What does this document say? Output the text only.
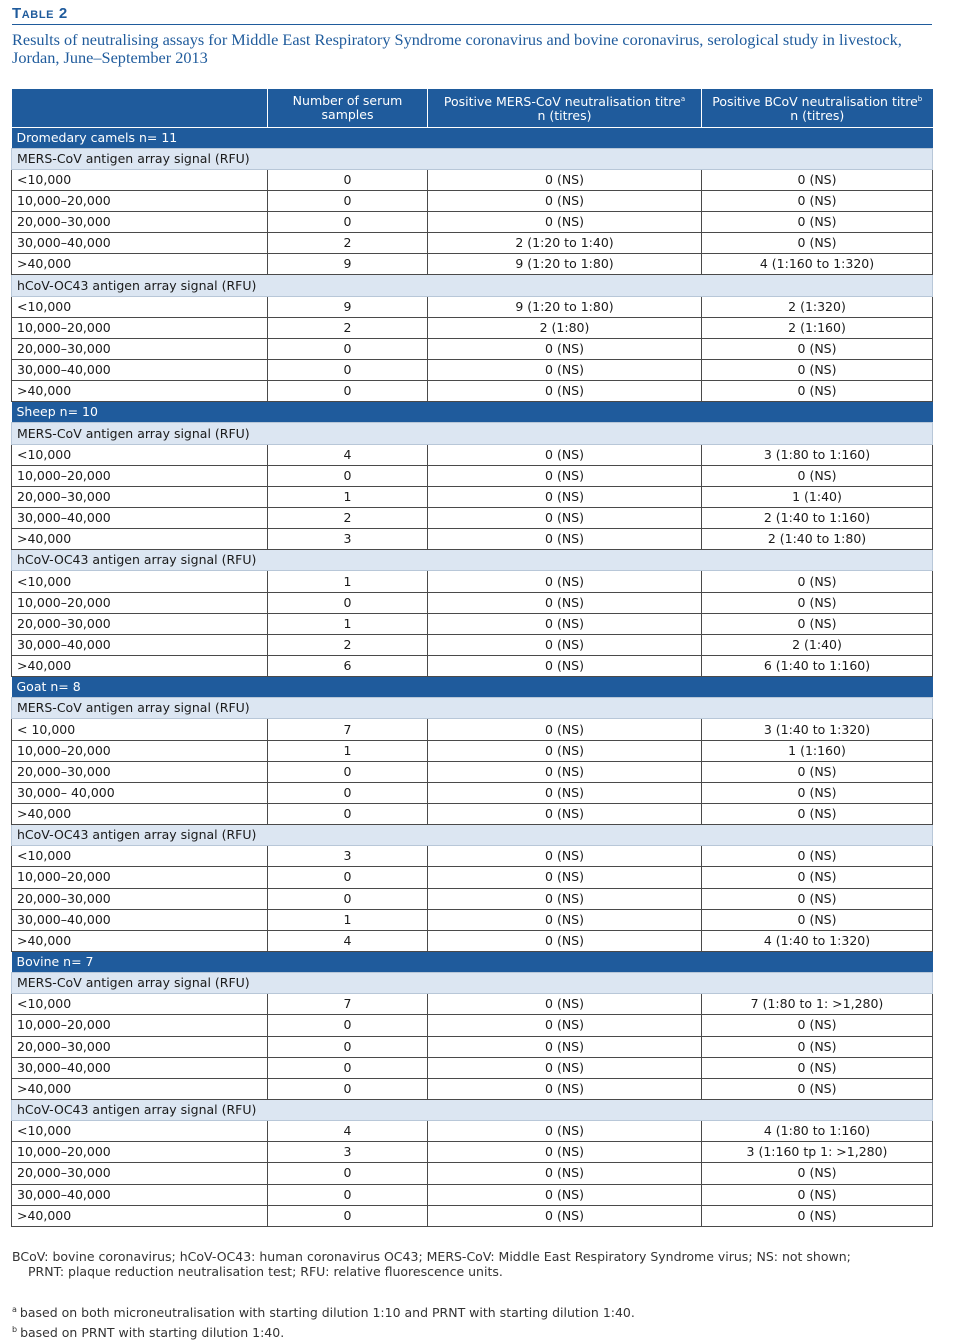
Table 2
Results of neutralising assays for Middle East Respiratory Syndrome coronavirus and bovine coronavirus, serological study in livestock, Jordan, June–September 2013
	Number of serum samples	Positive MERS-CoV neutralisation titre$^a$
n (titres)	Positive BCoV neutralisation titre$^b$
n (titres)
Dromedary camels n= 11			
MERS-CoV antigen array signal (RFU)			
<10,000	0	0 (NS)	0 (NS)
10,000–20,000	0	0 (NS)	0 (NS)
20,000–30,000	0	0 (NS)	0 (NS)
30,000–40,000	2	2 (1:20 to 1:40)	0 (NS)
>40,000	9	9 (1:20 to 1:80)	4 (1:160 to 1:320)
hCoV-OC43 antigen array signal (RFU)			
<10,000	9	9 (1:20 to 1:80)	2 (1:320)
10,000–20,000	2	2 (1:80)	2 (1:160)
20,000–30,000	0	0 (NS)	0 (NS)
30,000–40,000	0	0 (NS)	0 (NS)
>40,000	0	0 (NS)	0 (NS)
Sheep n= 10			
MERS-CoV antigen array signal (RFU)			
<10,000	4	0 (NS)	3 (1:80 to 1:160)
10,000–20,000	0	0 (NS)	0 (NS)
20,000–30,000	1	0 (NS)	1 (1:40)
30,000–40,000	2	0 (NS)	2 (1:40 to 1:160)
>40,000	3	0 (NS)	2 (1:40 to 1:80)
hCoV-OC43 antigen array signal (RFU)			
<10,000	1	0 (NS)	0 (NS)
10,000–20,000	0	0 (NS)	0 (NS)
20,000–30,000	1	0 (NS)	0 (NS)
30,000–40,000	2	0 (NS)	2 (1:40)
>40,000	6	0 (NS)	6 (1:40 to 1:160)
Goat n= 8			
MERS-CoV antigen array signal (RFU)			
< 10,000	7	0 (NS)	3 (1:40 to 1:320)
10,000–20,000	1	0 (NS)	1 (1:160)
20,000–30,000	0	0 (NS)	0 (NS)
30,000– 40,000	0	0 (NS)	0 (NS)
>40,000	0	0 (NS)	0 (NS)
hCoV-OC43 antigen array signal (RFU)			
<10,000	3	0 (NS)	0 (NS)
10,000–20,000	0	0 (NS)	0 (NS)
20,000–30,000	0	0 (NS)	0 (NS)
30,000–40,000	1	0 (NS)	0 (NS)
>40,000	4	0 (NS)	4 (1:40 to 1:320)
Bovine n= 7			
MERS-CoV antigen array signal (RFU)			
<10,000	7	0 (NS)	7 (1:80 to 1: >1,280)
10,000–20,000	0	0 (NS)	0 (NS)
20,000–30,000	0	0 (NS)	0 (NS)
30,000–40,000	0	0 (NS)	0 (NS)
>40,000	0	0 (NS)	0 (NS)
hCoV-OC43 antigen array signal (RFU)			
<10,000	4	0 (NS)	4 (1:80 to 1:160)
10,000–20,000	3	0 (NS)	3 (1:160 tp 1: >1,280)
20,000–30,000	0	0 (NS)	0 (NS)
30,000–40,000	0	0 (NS)	0 (NS)
>40,000	0	0 (NS)	0 (NS)
BCoV: bovine coronavirus; hCoV-OC43: human coronavirus OC43; MERS-CoV: Middle East Respiratory Syndrome virus; NS: not shown;
PRNT: plaque reduction neutralisation test; RFU: relative fluorescence units.
$^a$ based on both microneutralisation with starting dilution 1:10 and PRNT with starting dilution 1:40.
$^b$ based on PRNT with starting dilution 1:40.
